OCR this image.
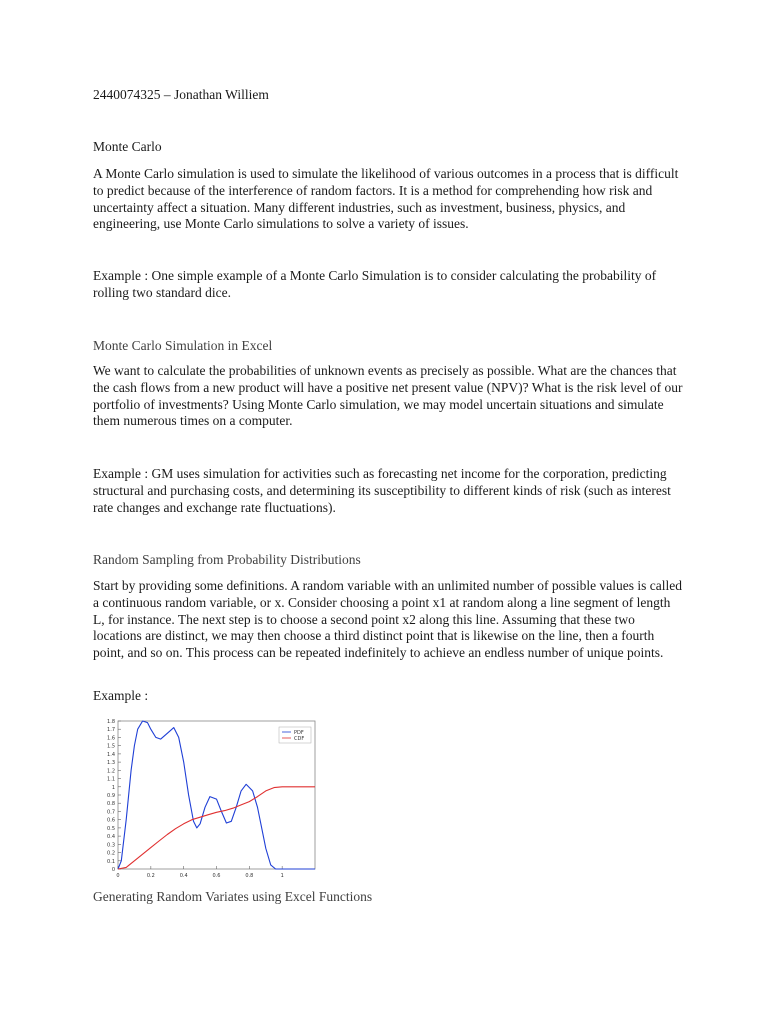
2440074325 – Jonathan Williem

Monte Carlo

A Monte Carlo simulation is used to simulate the likelihood of various outcomes in a process that is difficult to predict because of the interference of random factors. It is a method for comprehending how risk and uncertainty affect a situation. Many different industries, such as investment, business, physics, and engineering, use Monte Carlo simulations to solve a variety of issues.

Example : One simple example of a Monte Carlo Simulation is to consider calculating the probability of rolling two standard dice.

Monte Carlo Simulation in Excel

We want to calculate the probabilities of unknown events as precisely as possible. What are the chances that the cash flows from a new product will have a positive net present value (NPV)? What is the risk level of our portfolio of investments? Using Monte Carlo simulation, we may model uncertain situations and simulate them numerous times on a computer.

Example : GM uses simulation for activities such as forecasting net income for the corporation, predicting structural and purchasing costs, and determining its susceptibility to different kinds of risk (such as interest rate changes and exchange rate fluctuations).

Random Sampling from Probability Distributions

Start by providing some definitions. A random variable with an unlimited number of possible values is called a continuous random variable, or x. Consider choosing a point x1 at random along a line segment of length L, for instance. The next step is to choose a second point x2 along this line. Assuming that these two locations are distinct, we may then choose a third distinct point that is likewise on the line, then a fourth point, and so on. This process can be repeated indefinitely to achieve an endless number of unique points.

Example :

0
0.1
0.2
0.3
0.4
0.5
0.6
0.7
0.8
0.9
1
1.1
1.2
1.3
1.4
1.5
1.6
1.7
1.8
0	0.2	0.4	0.6	0.8	1
PDF
CDF

Generating Random Variates using Excel Functions
